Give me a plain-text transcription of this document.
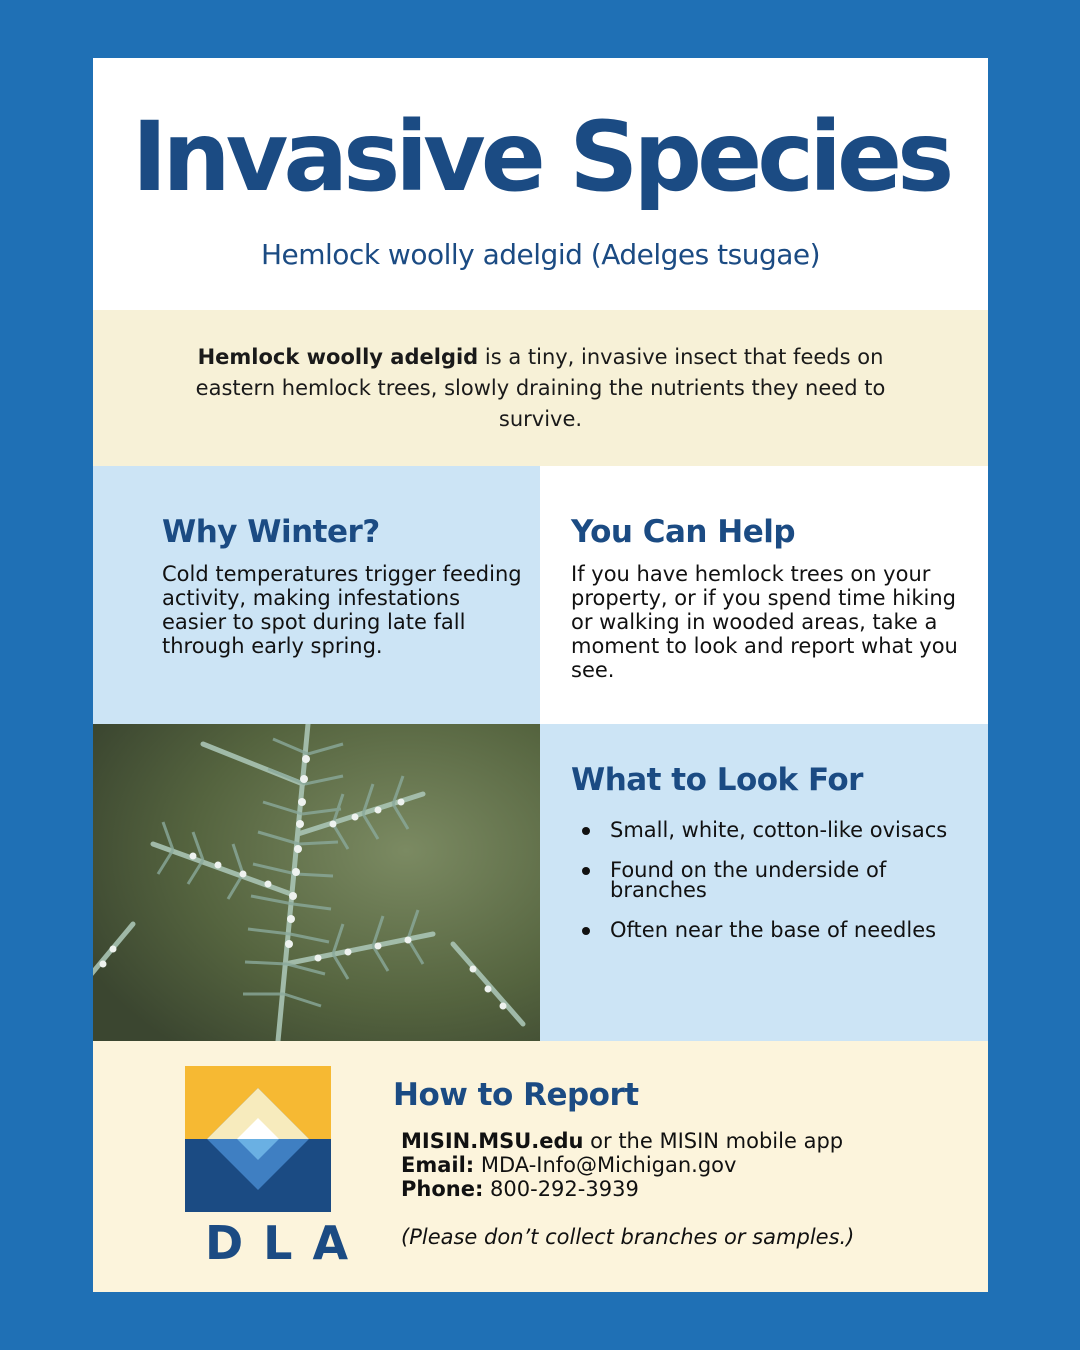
Invasive Species
Hemlock woolly adelgid (Adelges tsugae)

Hemlock woolly adelgid is a tiny, invasive insect that feeds on eastern hemlock trees, slowly draining the nutrients they need to survive.

Why Winter?
Cold temperatures trigger feeding activity, making infestations easier to spot during late fall through early spring.
You Can Help
If you have hemlock trees on your property, or if you spend time hiking or walking in wooded areas, take a moment to look and report what you see.
What to Look For
Small, white, cotton-like ovisacs
Found on the underside of branches
Often near the base of needles
DLA
How to Report
MISIN.MSU.edu or the MISIN mobile app
Email: MDA-Info@Michigan.gov
Phone: 800-292-3939
(Please don’t collect branches or samples.)
